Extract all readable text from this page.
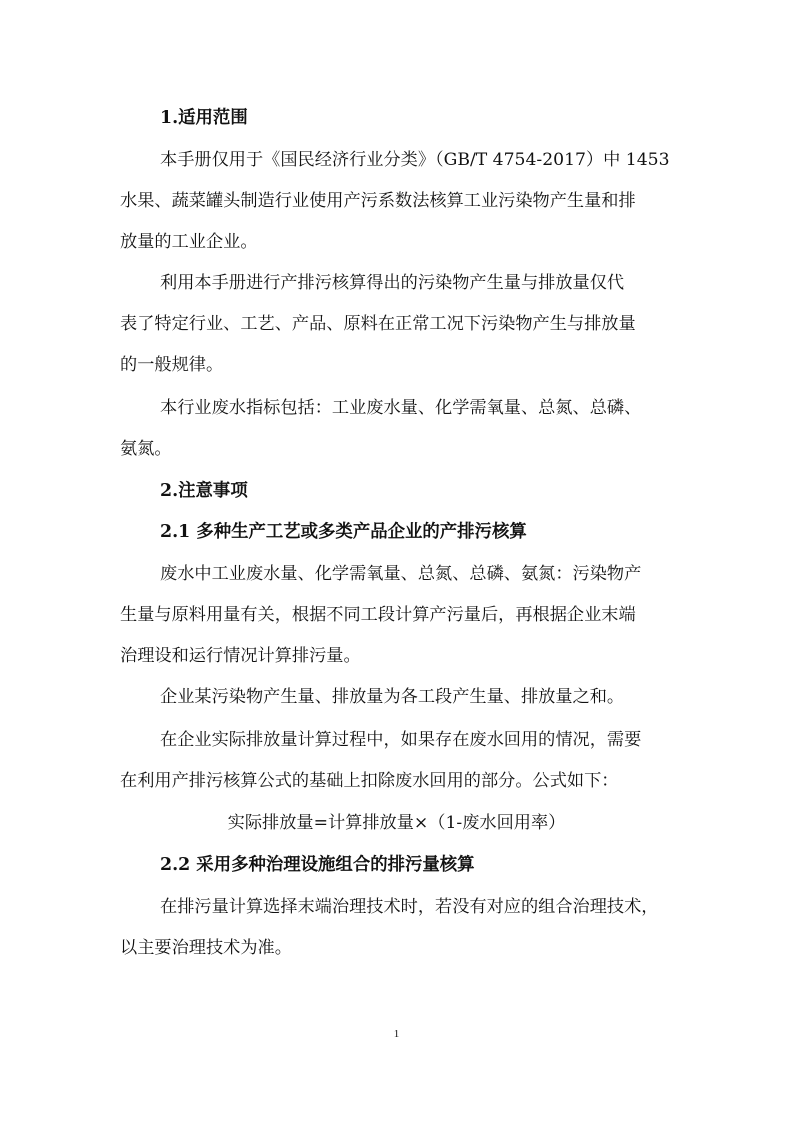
1.适用范围
本手册仅用于《国民经济行业分类》（GB/T 4754-2017）中 1453
水果、蔬菜罐头制造行业使用产污系数法核算工业污染物产生量和排
放量的工业企业。
利用本手册进行产排污核算得出的污染物产生量与排放量仅代
表了特定行业、工艺、产品、原料在正常工况下污染物产生与排放量
的一般规律。
本行业废水指标包括：工业废水量、化学需氧量、总氮、总磷、
氨氮。
2.注意事项
2.1 多种生产工艺或多类产品企业的产排污核算
废水中工业废水量、化学需氧量、总氮、总磷、氨氮：污染物产
生量与原料用量有关，根据不同工段计算产污量后，再根据企业末端
治理设和运行情况计算排污量。
企业某污染物产生量、排放量为各工段产生量、排放量之和。
在企业实际排放量计算过程中，如果存在废水回用的情况，需要
在利用产排污核算公式的基础上扣除废水回用的部分。公式如下：
实际排放量=计算排放量×（1-废水回用率）
2.2 采用多种治理设施组合的排污量核算
在排污量计算选择末端治理技术时，若没有对应的组合治理技术，
以主要治理技术为准。
1
